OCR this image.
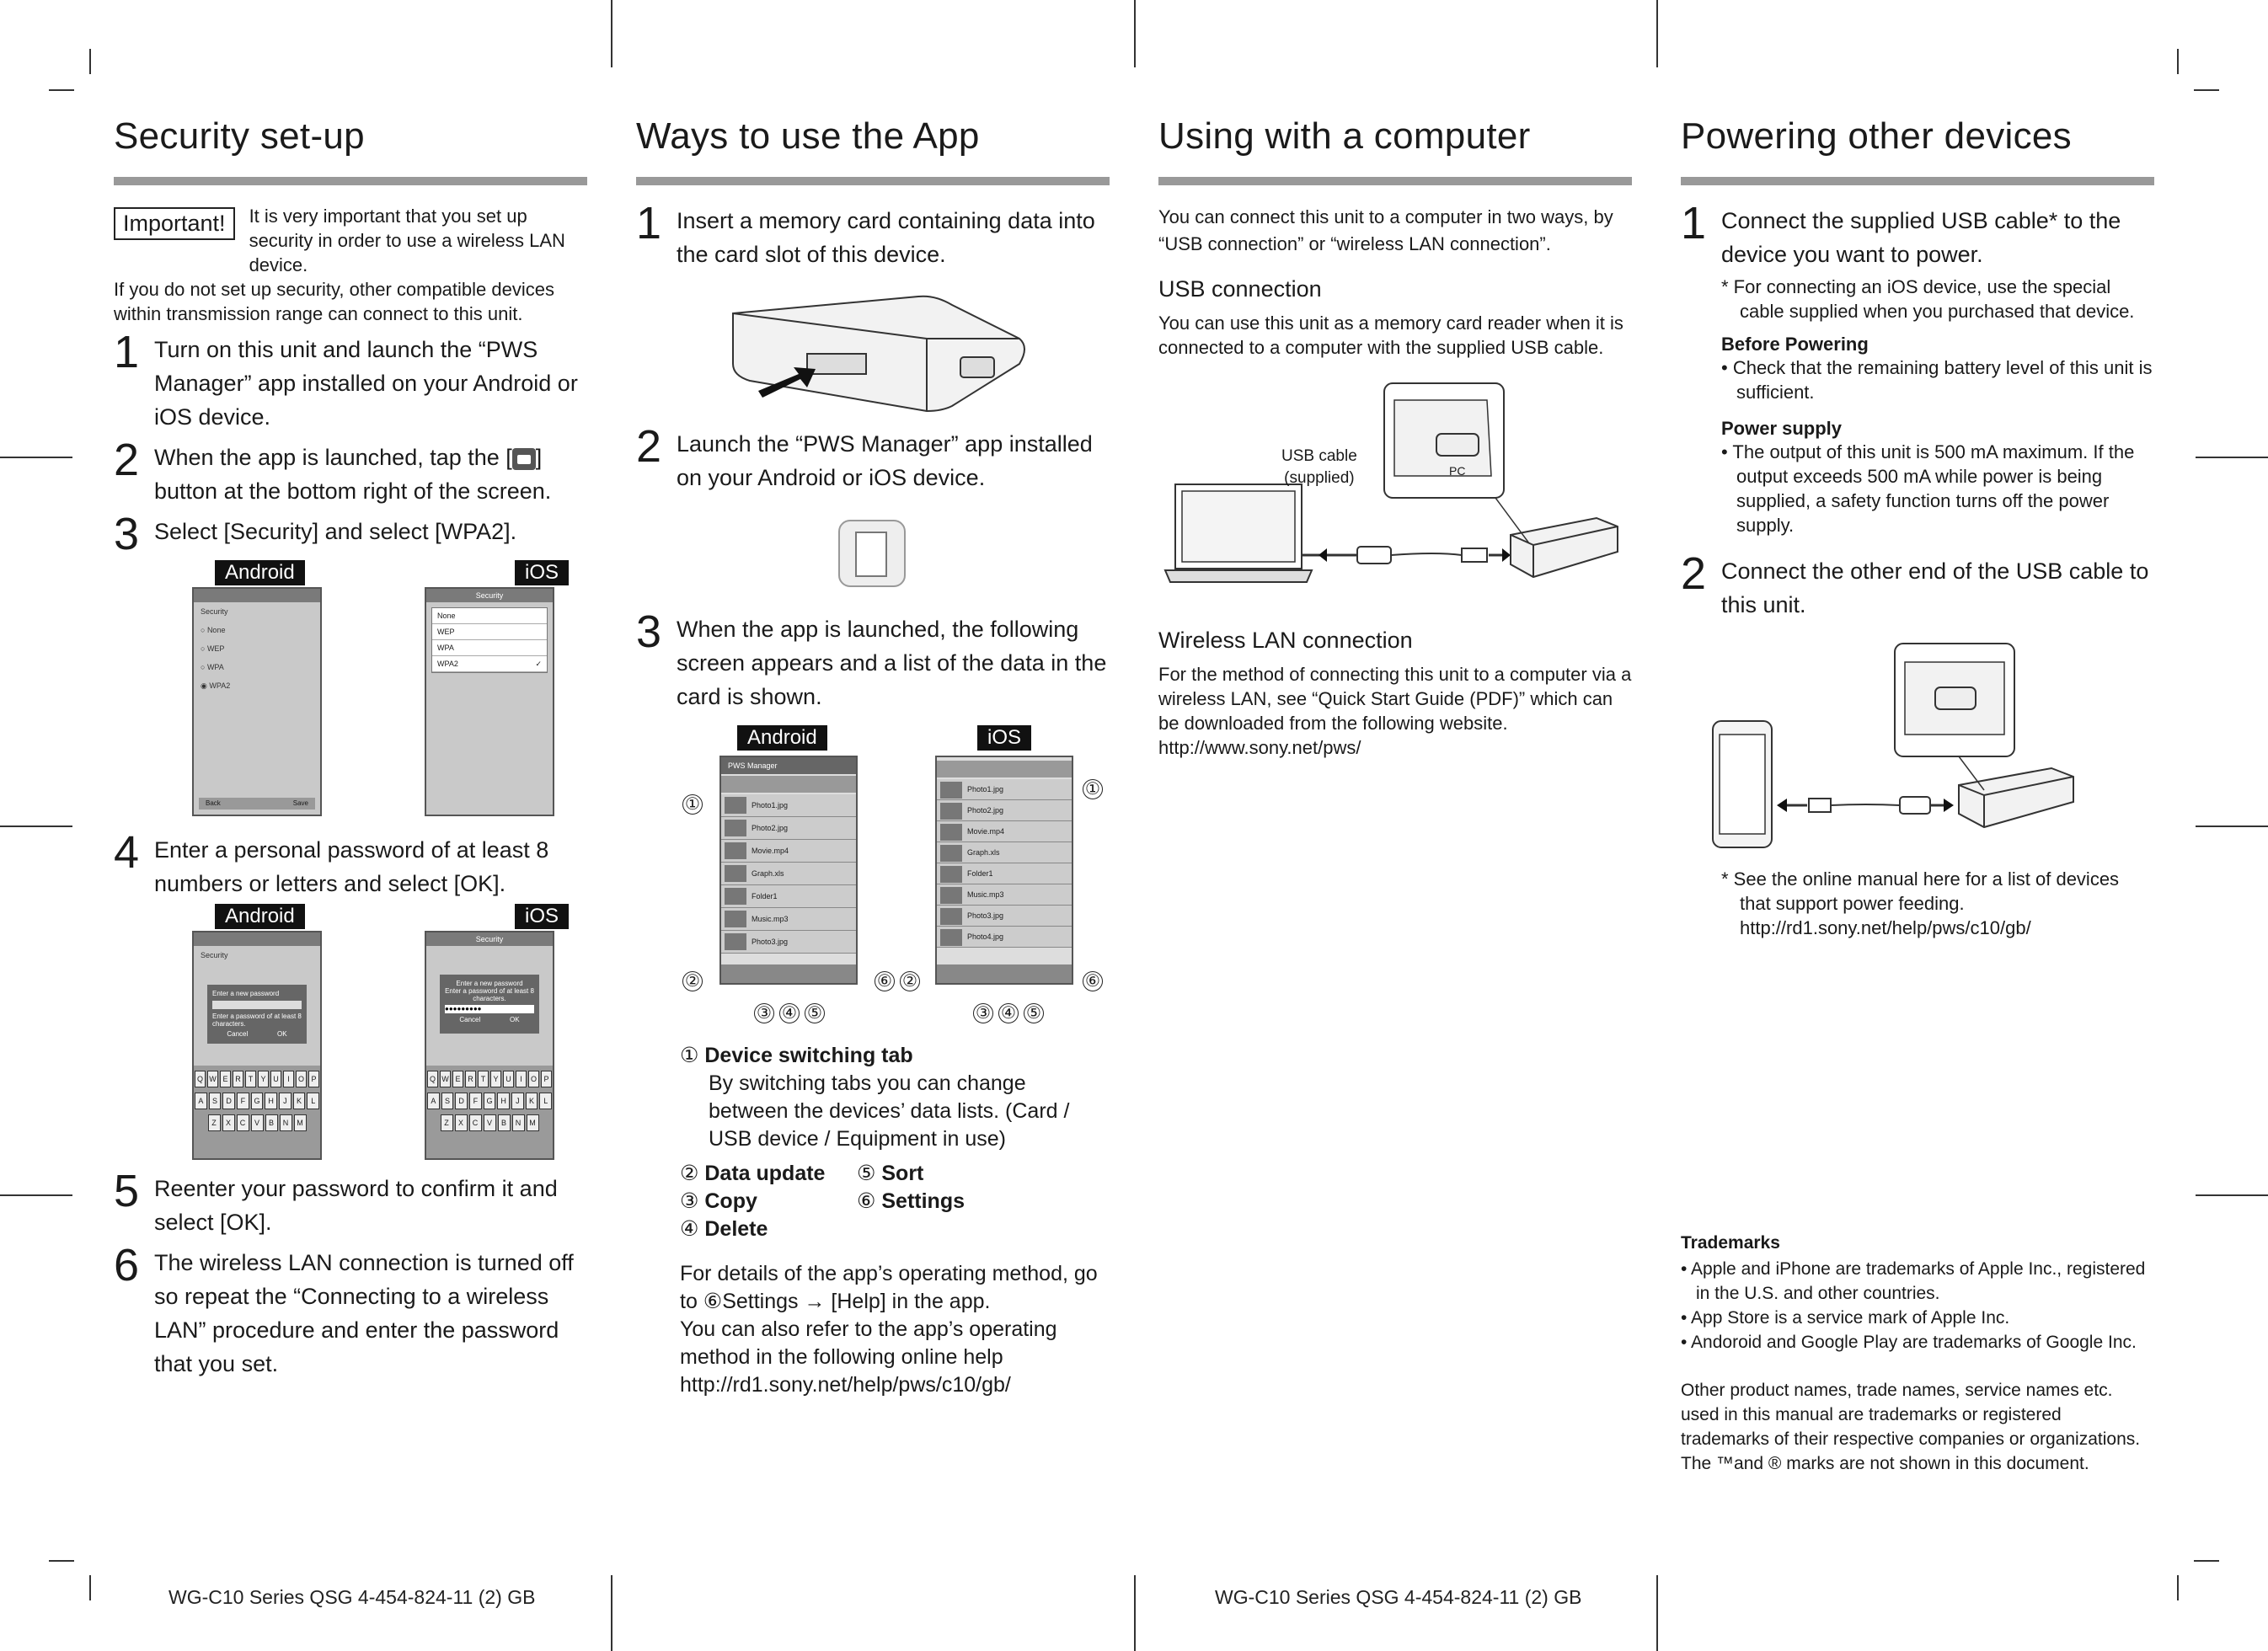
Security set-up
Important!	It is very important that you set up security in order to use a wireless LAN device.
If you do not set up security, other compatible devices within transmission range can connect to this unit.
1 Turn on this unit and launch the “PWS Manager” app installed on your Android or iOS device.
2 When the app is launched, tap the [ ] button at the bottom right of the screen.
3 Select [Security] and select [WPA2].
Android	iOS
Security
○ None
○ WEP
○ WPA
◉ WPA2
Back	Save
Security
None
WEP
WPA
WPA2	✓
4 Enter a personal password of at least 8 numbers or letters and select [OK].
Android	iOS
Security
Enter a new password
Enter a password of at least 8 characters.
Cancel	OK
Q W E R	T	Y U	I	O P
A	S	D	F	G	H	J	K	L
Z	X	C	V	B	N	M
Security
Enter a new password
Enter a password of at least 8 characters.
●●●●●●●●●
Cancel	OK
Q W E R	T	Y U	I	O P
A	S	D	F	G	H	J	K	L
Z	X	C	V	B	N	M
5 Reenter your password to confirm it and select [OK].
6 The wireless LAN connection is turned off so repeat the “Connecting to a wireless LAN” procedure and enter the password that you set.
Ways to use the App
1 Insert a memory card containing data into the card slot of this device.
2 Launch the “PWS Manager” app installed on your Android or iOS device.
3 When the app is launched, the following screen appears and a list of the data in the card is shown.
Android	iOS
PWS Manager
Photo1.jpg
Photo2.jpg
Movie.mp4
Graph.xls
Folder1
Music.mp3
Photo3.jpg
Photo1.jpg
Photo2.jpg
Movie.mp4
Graph.xls
Folder1
Music.mp3
Photo3.jpg
Photo4.jpg
①
②	⑥ ②
①
⑥
③ ④ ⑤	③ ④ ⑤
① Device switching tab
By switching tabs you can change between the devices’ data lists. (Card / USB device / Equipment in use)
② Data update
③ Copy
④ Delete
⑤ Sort
⑥ Settings
For details of the app’s operating method, go to ⑥Settings → [Help] in the app.
You can also refer to the app’s operating method in the following online help
http://rd1.sony.net/help/pws/c10/gb/
Using with a computer
You can connect this unit to a computer in two ways, by “USB connection” or “wireless LAN connection”.
USB connection
You can use this unit as a memory card reader when it is connected to a computer with the supplied USB cable.
USB cable
(supplied)	PC
Wireless LAN connection
For the method of connecting this unit to a computer via a wireless LAN, see “Quick Start Guide (PDF)” which can be downloaded from the following website.
http://www.sony.net/pws/
Powering other devices
1 Connect the supplied USB cable* to the device you want to power.
* For connecting an iOS device, use the special cable supplied when you purchased that device.
Before Powering
• Check that the remaining battery level of this unit is sufficient.
Power supply
• The output of this unit is 500 mA maximum. If the output exceeds 500 mA while power is being supplied, a safety function turns off the power supply.
2 Connect the other end of the USB cable to this unit.
* See the online manual here for a list of devices that support power feeding.
http://rd1.sony.net/help/pws/c10/gb/
Trademarks
• Apple and iPhone are trademarks of Apple Inc., registered in the U.S. and other countries.
• App Store is a service mark of Apple Inc.
• Andoroid and Google Play are trademarks of Google Inc.
Other product names, trade names, service names etc. used in this manual are trademarks or registered trademarks of their respective companies or organizations.
The ™and ® marks are not shown in this document.
WG-C10 Series QSG 4-454-824-11 (2) GB	WG-C10 Series QSG 4-454-824-11 (2) GB
